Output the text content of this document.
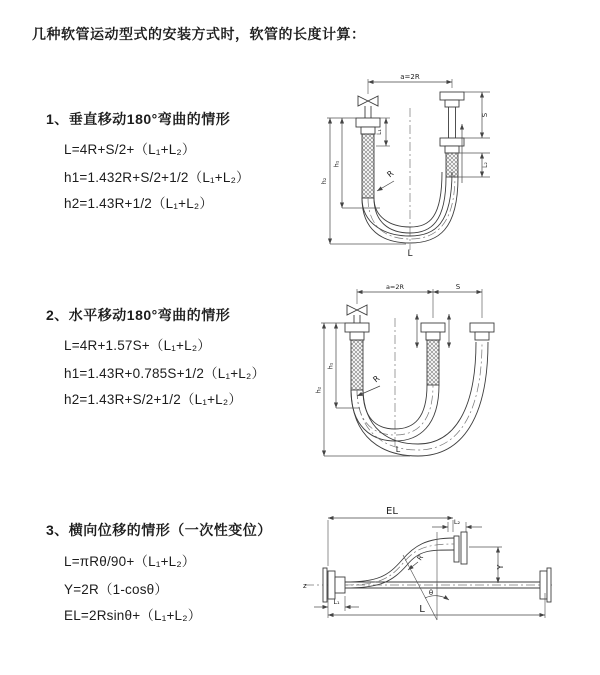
几种软管运动型式的安装方式时，软管的长度计算：
1、垂直移动180°弯曲的情形
L=4R+S/2+（L₁+L₂）
h1=1.432R+S/2+1/2（L₁+L₂）
h2=1.43R+1/2（L₁+L₂）
2、水平移动180°弯曲的情形
L=4R+1.57S+（L₁+L₂）
h1=1.43R+0.785S+1/2（L₁+L₂）
h2=1.43R+S/2+1/2（L₁+L₂）
3、横向位移的情形（一次性变位）
L=πRθ/90+（L₁+L₂）
Y=2R（1-cosθ）
EL=2Rsinθ+（L₁+L₂）
a=2R
R
L
h₂
h₁
L₁
S
L₂
a=2R	S
R
L
h₂
h₁
z
EL
L₂
Y
R
θ
L₁
L
